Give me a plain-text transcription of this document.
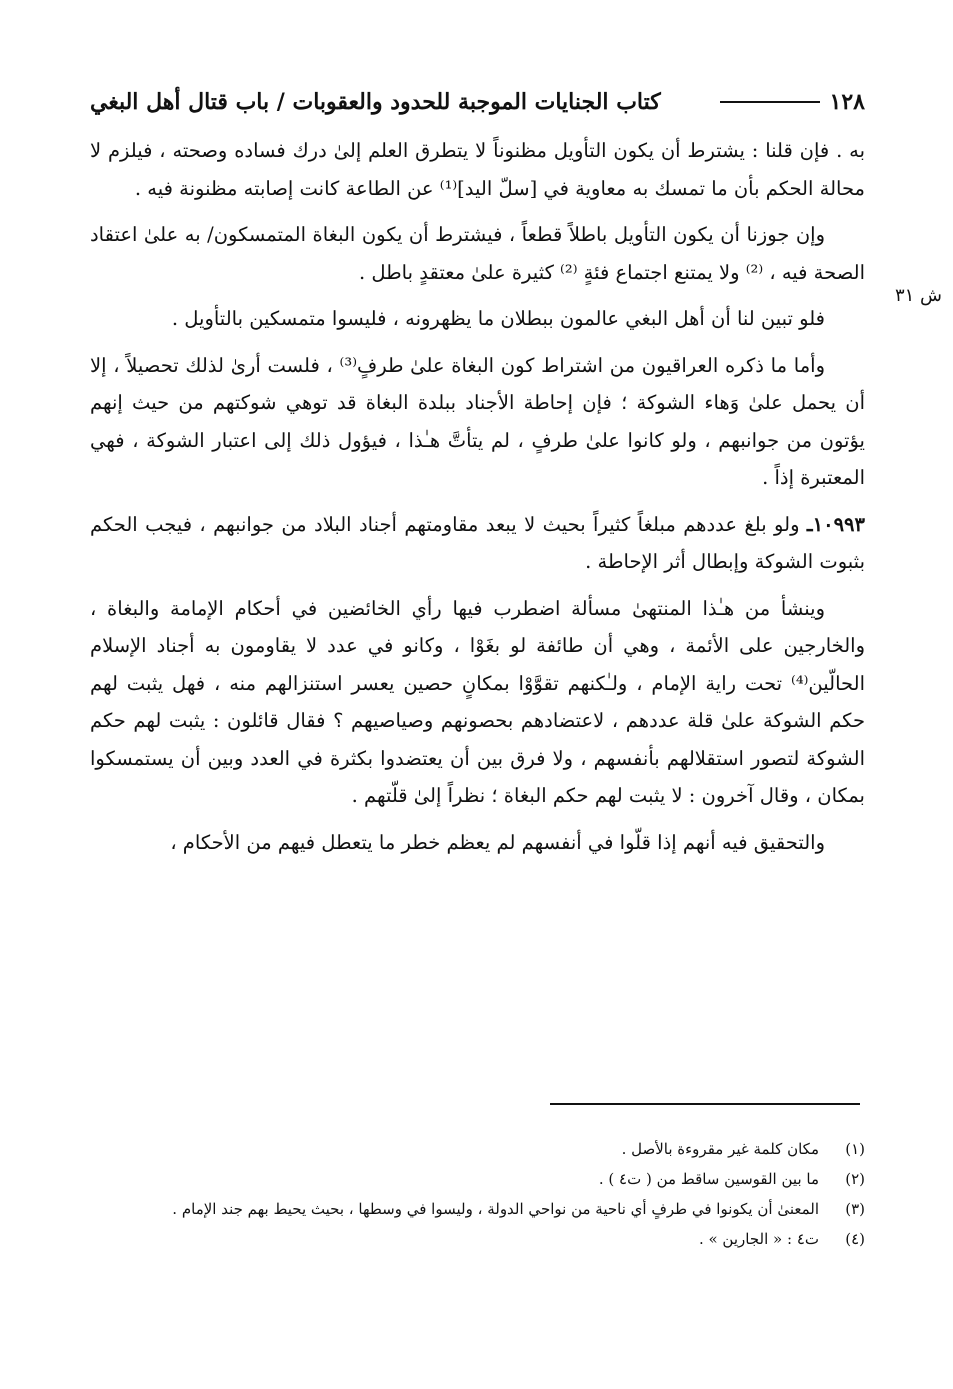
١٢٨
كتاب الجنايات الموجبة للحدود والعقوبات / باب قتال أهل البغي
ش ٣١

به . فإن قلنا : يشترط أن يكون التأويل مظنوناً لا يتطرق العلم إلىٰ درك فساده وصحته ، فيلزم لا محالة الحكم بأن ما تمسك به معاوية في [سلّ اليد]⁽¹⁾ عن الطاعة كانت إصابته مظنونة فيه .

وإن جوزنا أن يكون التأويل باطلاً قطعاً ، فيشترط أن يكون البغاة المتمسكون/ به علىٰ اعتقاد الصحة فيه ، ⁽²⁾ ولا يمتنع اجتماع فئةٍ ⁽²⁾ كثيرة علىٰ معتقدٍ باطل .

فلو تبين لنا أن أهل البغي عالمون ببطلان ما يظهرونه ، فليسوا متمسكين بالتأويل .

وأما ما ذكره العراقيون من اشتراط كون البغاة علىٰ طرفٍ⁽³⁾ ، فلست أرىٰ لذلك تحصيلاً ، إلا أن يحمل علىٰ وَهاء الشوكة ؛ فإن إحاطة الأجناد ببلدة البغاة قد توهي شوكتهم من حيث إنهم يؤتون من جوانبهم ، ولو كانوا علىٰ طرفٍ ، لم يتأتَّ هـٰذا ، فيؤول ذلك إلى اعتبار الشوكة ، فهي المعتبرة إذاً .

١٠٩٩٣ـ ولو بلغ عددهم مبلغاً كثيراً بحيث لا يبعد مقاومتهم أجناد البلاد من جوانبهم ، فيجب الحكم بثبوت الشوكة وإبطال أثر الإحاطة .

وينشأ من هـٰذا المنتهىٰ مسألة اضطرب فيها رأي الخائضين في أحكام الإمامة والبغاة ، والخارجين على الأئمة ، وهي أن طائفة لو بغَوْا ، وكانو في عدد لا يقاومون به أجناد الإسلام الحالّين⁽⁴⁾ تحت راية الإمام ، ولـٰكنهم تقوَّوْا بمكانٍ حصين يعسر استنزالهم منه ، فهل يثبت لهم حكم الشوكة علىٰ قلة عددهم ، لاعتضادهم بحصونهم وصياصيهم ؟ فقال قائلون : يثبت لهم حكم الشوكة لتصور استقلالهم بأنفسهم ، ولا فرق بين أن يعتضدوا بكثرة في العدد وبين أن يستمسكوا بمكان ، وقال آخرون : لا يثبت لهم حكم البغاة ؛ نظراً إلىٰ قلّتهم .

والتحقيق فيه أنهم إذا قلّوا في أنفسهم لم يعظم خطر ما يتعطل فيهم من الأحكام ،

(١)
مكان كلمة غير مقروءة بالأصل .
(٢)
ما بين القوسين ساقط من ( ت٤ ) .
(٣)
المعنىٰ أن يكونوا في طرفٍ أي ناحية من نواحي الدولة ، وليسوا في وسطها ، بحيث يحيط بهم جند الإمام .
(٤)
ت٤ : « الجارين » .
